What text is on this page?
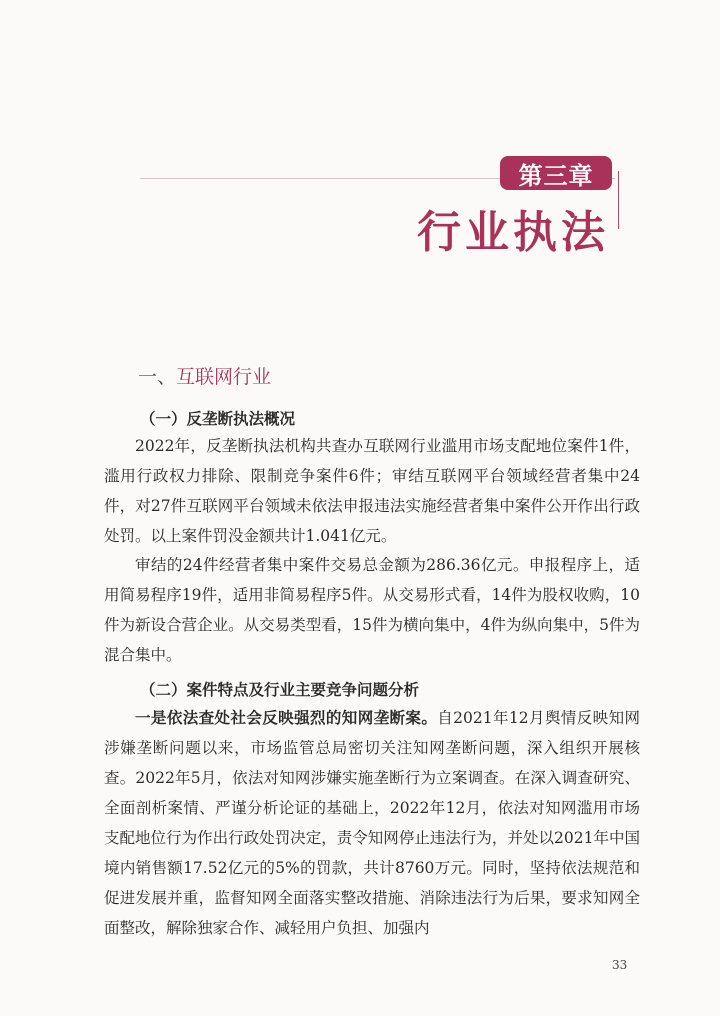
第三章
行业执法
一、互联网行业
（一）反垄断执法概况

2022年，反垄断执法机构共查办互联网行业滥用市场支配地位案件1件，滥用行政权力排除、限制竞争案件6件；审结互联网平台领域经营者集中24件，对27件互联网平台领域未依法申报违法实施经营者集中案件公开作出行政处罚。以上案件罚没金额共计1.041亿元。

审结的24件经营者集中案件交易总金额为286.36亿元。申报程序上，适用简易程序19件，适用非简易程序5件。从交易形式看，14件为股权收购，10件为新设合营企业。从交易类型看，15件为横向集中，4件为纵向集中，5件为混合集中。

（二）案件特点及行业主要竞争问题分析

一是依法查处社会反映强烈的知网垄断案。自2021年12月舆情反映知网涉嫌垄断问题以来，市场监管总局密切关注知网垄断问题，深入组织开展核查。2022年5月，依法对知网涉嫌实施垄断行为立案调查。在深入调查研究、全面剖析案情、严谨分析论证的基础上，2022年12月，依法对知网滥用市场支配地位行为作出行政处罚决定，责令知网停止违法行为，并处以2021年中国境内销售额17.52亿元的5%的罚款，共计8760万元。同时，坚持依法规范和促进发展并重，监督知网全面落实整改措施、消除违法行为后果，要求知网全面整改，解除独家合作、减轻用户负担、加强内

33
